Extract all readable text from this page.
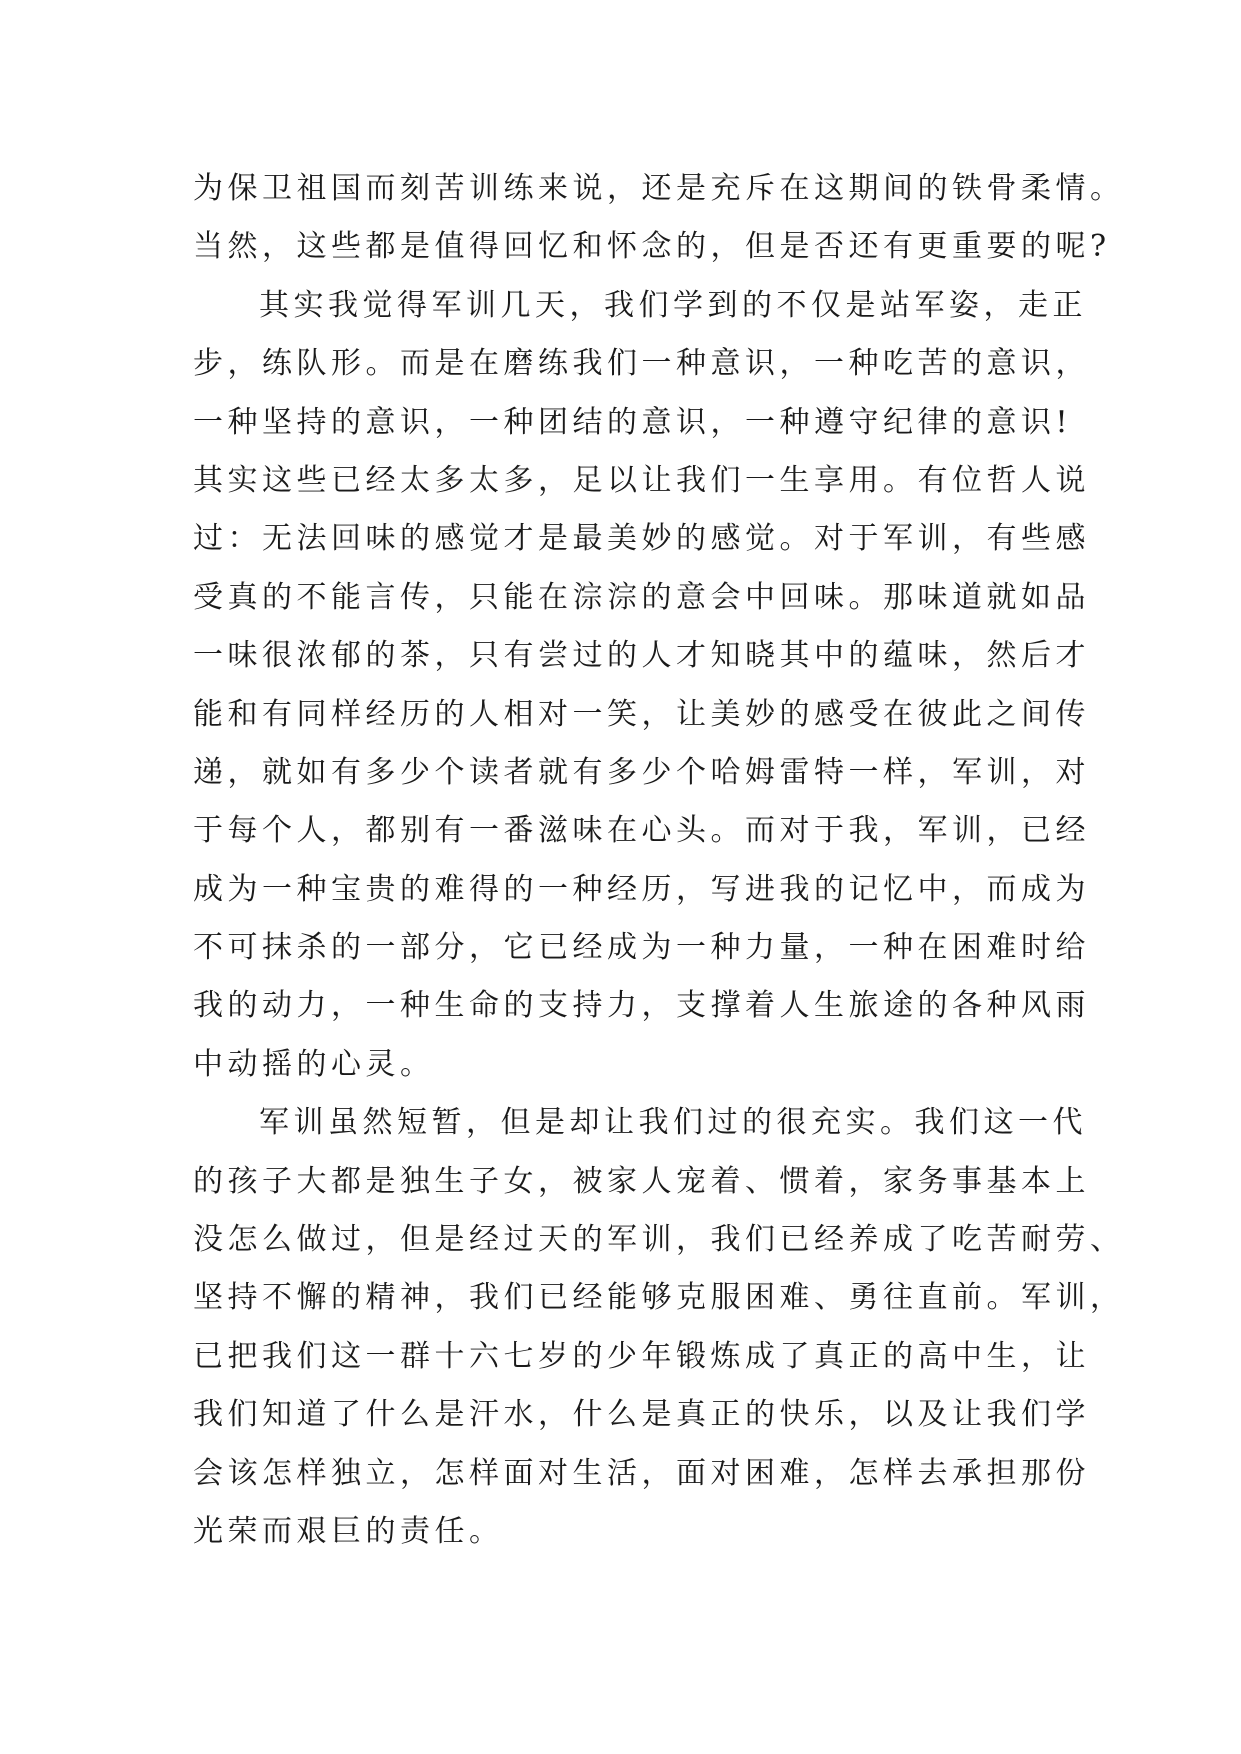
为保卫祖国而刻苦训练来说，还是充斥在这期间的铁骨柔情。
当然，这些都是值得回忆和怀念的，但是否还有更重要的呢?
其实我觉得军训几天，我们学到的不仅是站军姿，走正
步，练队形。而是在磨练我们一种意识，一种吃苦的意识，
一种坚持的意识，一种团结的意识，一种遵守纪律的意识!
其实这些已经太多太多，足以让我们一生享用。有位哲人说
过：无法回味的感觉才是最美妙的感觉。对于军训，有些感
受真的不能言传，只能在淙淙的意会中回味。那味道就如品
一味很浓郁的茶，只有尝过的人才知晓其中的蕴味，然后才
能和有同样经历的人相对一笑，让美妙的感受在彼此之间传
递，就如有多少个读者就有多少个哈姆雷特一样，军训，对
于每个人，都别有一番滋味在心头。而对于我，军训，已经
成为一种宝贵的难得的一种经历，写进我的记忆中，而成为
不可抹杀的一部分，它已经成为一种力量，一种在困难时给
我的动力，一种生命的支持力，支撑着人生旅途的各种风雨
中动摇的心灵。
军训虽然短暂，但是却让我们过的很充实。我们这一代
的孩子大都是独生子女，被家人宠着、惯着，家务事基本上
没怎么做过，但是经过天的军训，我们已经养成了吃苦耐劳、
坚持不懈的精神，我们已经能够克服困难、勇往直前。军训，
已把我们这一群十六七岁的少年锻炼成了真正的高中生，让
我们知道了什么是汗水，什么是真正的快乐，以及让我们学
会该怎样独立，怎样面对生活，面对困难，怎样去承担那份
光荣而艰巨的责任。
